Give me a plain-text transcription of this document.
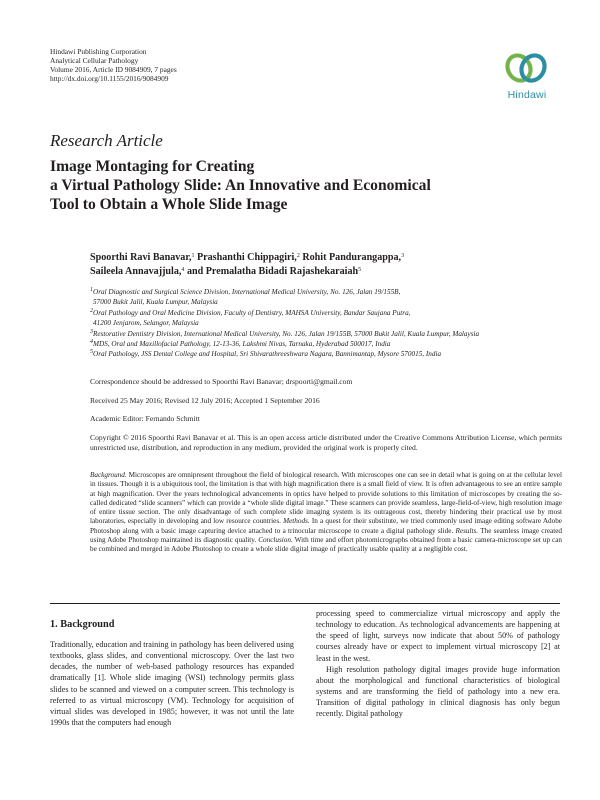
Hindawi Publishing Corporation
Analytical Cellular Pathology
Volume 2016, Article ID 9084909, 7 pages
http://dx.doi.org/10.1155/2016/9084909
Hindawi
Research Article
Image Montaging for Creating
a Virtual Pathology Slide: An Innovative and Economical
Tool to Obtain a Whole Slide Image
Spoorthi Ravi Banavar,$^1$ Prashanthi Chippagiri,$^2$ Rohit Pandurangappa,$^3$
Saileela Annavajjula,$^4$ and Premalatha Bidadi Rajashekaraiah$^5$
$^1$Oral Diagnostic and Surgical Science Division, International Medical University, No. 126, Jalan 19/155B,
57000 Bukit Jalil, Kuala Lumpur, Malaysia
$^2$Oral Pathology and Oral Medicine Division, Faculty of Dentistry, MAHSA University, Bandar Saujana Putra,
41200 Jenjarom, Selangor, Malaysia
$^3$Restorative Dentistry Division, International Medical University, No. 126, Jalan 19/155B, 57000 Bukit Jalil, Kuala Lumpur, Malaysia
$^4$MDS, Oral and Maxillofacial Pathology, 12-13-36, Lakshmi Nivas, Tarnaka, Hyderabad 500017, India
$^5$Oral Pathology, JSS Dental College and Hospital, Sri Shivarathreeshwara Nagara, Bannimantap, Mysore 570015, India
Correspondence should be addressed to Spoorthi Ravi Banavar; drspoorti@gmail.com
Received 25 May 2016; Revised 12 July 2016; Accepted 1 September 2016
Academic Editor: Fernando Schmitt
Copyright © 2016 Spoorthi Ravi Banavar et al. This is an open access article distributed under the Creative Commons Attribution License, which permits unrestricted use, distribution, and reproduction in any medium, provided the original work is properly cited.
Background. Microscopes are omnipresent throughout the field of biological research. With microscopes one can see in detail what is going on at the cellular level in tissues. Though it is a ubiquitous tool, the limitation is that with high magnification there is a small field of view. It is often advantageous to see an entire sample at high magnification. Over the years technological advancements in optics have helped to provide solutions to this limitation of microscopes by creating the so-called dedicated “slide scanners” which can provide a “whole slide digital image.” These scanners can provide seamless, large-field-of-view, high resolution image of entire tissue section. The only disadvantage of such complete slide imaging system is its outrageous cost, thereby hindering their practical use by most laboratories, especially in developing and low resource countries. Methods. In a quest for their substitute, we tried commonly used image editing software Adobe Photoshop along with a basic image capturing device attached to a trinocular microscope to create a digital pathology slide. Results. The seamless image created using Adobe Photoshop maintained its diagnostic quality. Conclusion. With time and effort photomicrographs obtained from a basic camera-microscope set up can be combined and merged in Adobe Photoshop to create a whole slide digital image of practically usable quality at a negligible cost.
1. Background

Traditionally, education and training in pathology has been delivered using textbooks, glass slides, and conventional microscopy. Over the last two decades, the number of web-based pathology resources has expanded dramatically [1]. Whole slide imaging (WSI) technology permits glass slides to be scanned and viewed on a computer screen. This technology is referred to as virtual microscopy (VM). Technology for acquisition of virtual slides was developed in 1985; however, it was not until the late 1990s that the computers had enough

processing speed to commercialize virtual microscopy and apply the technology to education. As technological advancements are happening at the speed of light, surveys now indicate that about 50% of pathology courses already have or expect to implement virtual microscopy [2] at least in the west.

High resolution pathology digital images provide huge information about the morphological and functional characteristics of biological systems and are transforming the field of pathology into a new era. Transition of digital pathology in clinical diagnosis has only begun recently. Digital pathology
